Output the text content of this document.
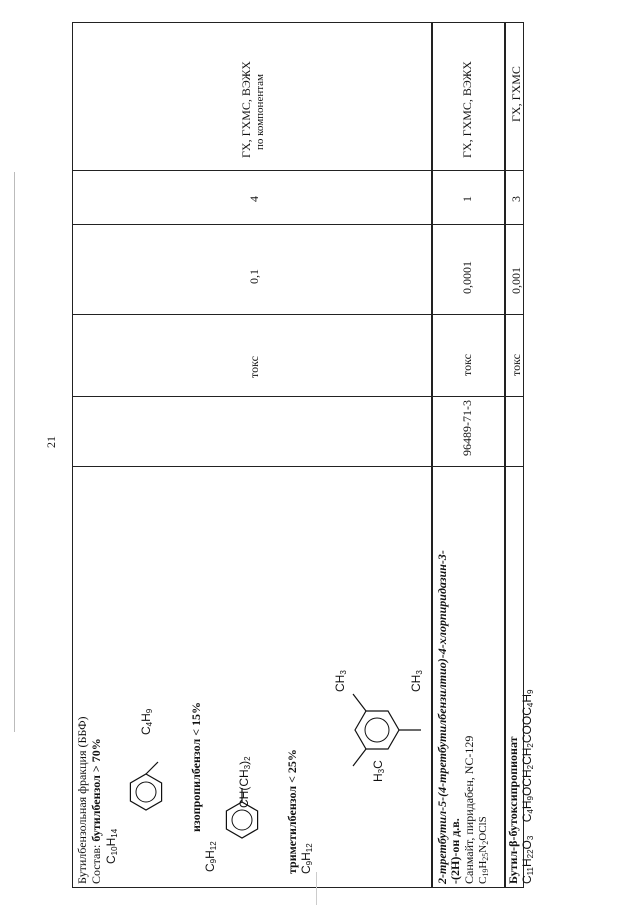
21
Бутилбензольная фракция (ББФ) Состав: бутилбензол > 70%
$C_{10}H_{14}$
$C_4H_9$	изопропилбензол < 15%
$C_9H_{12}$
$CH(CH_3)_2$	триметилбензол < 25% $C_9H_{12}$
$CH_3$
$CH_3$
$H_3C$
токс
0,1
4
ГХ, ГХМС, ВЭЖХ по компонентам
2-третбутил-5-(4-третбутилбензилтио)-4-хлорпиридазин-3- -(2Н)-он д.в. Санмайт, пиридабен, NC-129 $C_{19}H_{25}N_2OClS$
96489-71-3
токс
0,0001
1
ГХ, ГХМС, ВЭЖХ
Бутил-β-бутоксипропионат $C_{11}H_{22}O_3$    $C_4H_9OCH_2CH_2COOC_4H_9$
токс
0,001
3
ГХ, ГХМС
